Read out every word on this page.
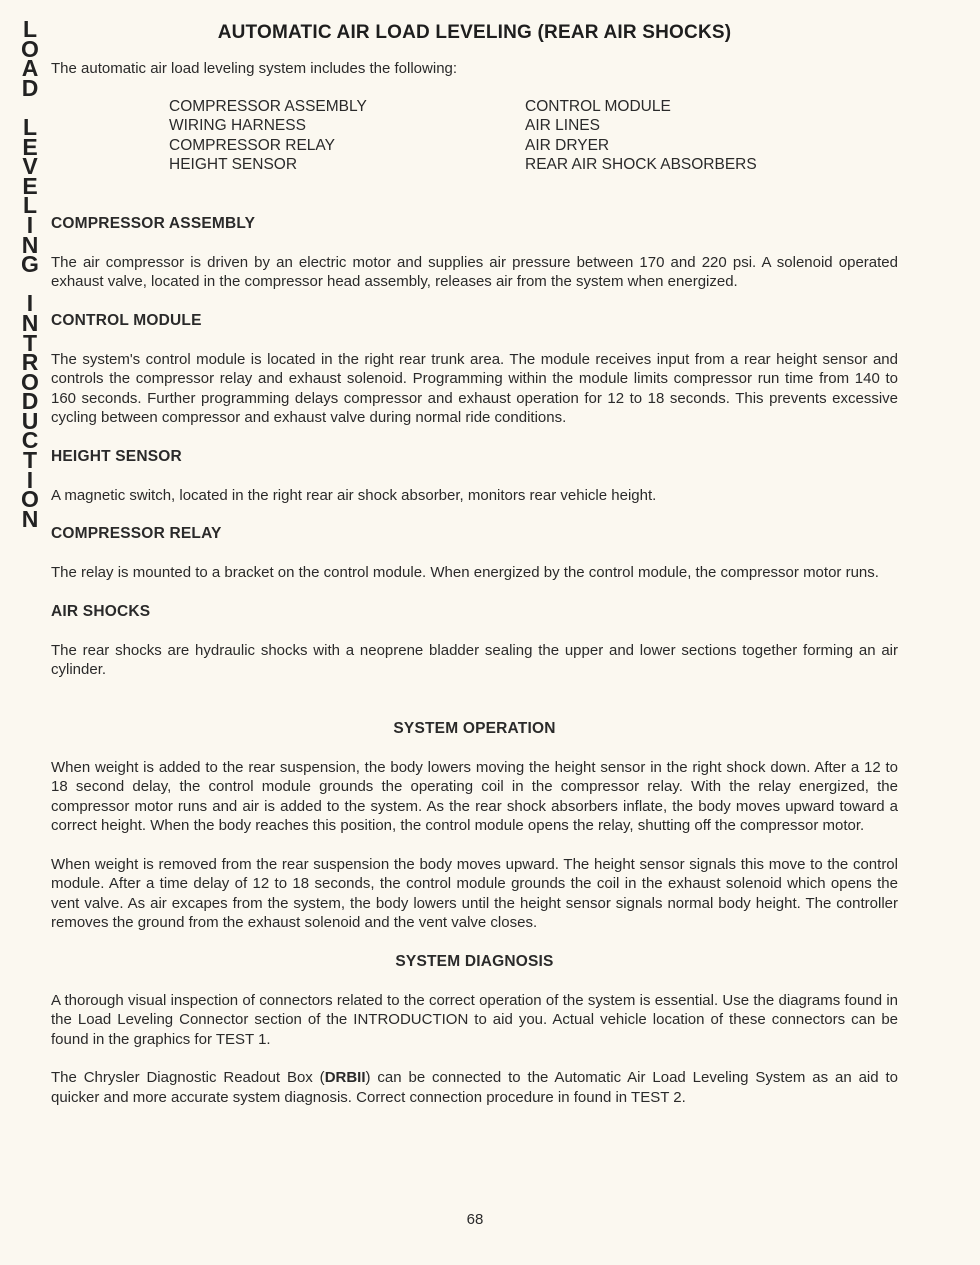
L
O
A
D

L
E
V
E
L
I
N
G

I
N
T
R
O
D
U
C
T
I
O
N
AUTOMATIC AIR LOAD LEVELING (REAR AIR SHOCKS)

The automatic air load leveling system includes the following:

COMPRESSOR ASSEMBLY
WIRING HARNESS
COMPRESSOR RELAY
HEIGHT SENSOR
CONTROL MODULE
AIR LINES
AIR DRYER
REAR AIR SHOCK ABSORBERS
COMPRESSOR ASSEMBLY

The air compressor is driven by an electric motor and supplies air pressure between 170 and 220 psi. A solenoid operated exhaust valve, located in the compressor head assembly, releases air from the system when energized.

CONTROL MODULE

The system's control module is located in the right rear trunk area. The module receives input from a rear height sensor and controls the compressor relay and exhaust solenoid. Programming within the module limits compressor run time from 140 to 160 seconds. Further programming delays compressor and exhaust operation for 12 to 18 seconds. This prevents excessive cycling between compressor and exhaust valve during normal ride conditions.

HEIGHT SENSOR

A magnetic switch, located in the right rear air shock absorber, monitors rear vehicle height.

COMPRESSOR RELAY

The relay is mounted to a bracket on the control module. When energized by the control module, the compressor motor runs.

AIR SHOCKS

The rear shocks are hydraulic shocks with a neoprene bladder sealing the upper and lower sections together forming an air cylinder.

SYSTEM OPERATION

When weight is added to the rear suspension, the body lowers moving the height sensor in the right shock down. After a 12 to 18 second delay, the control module grounds the operating coil in the compressor relay. With the relay energized, the compressor motor runs and air is added to the system. As the rear shock absorbers inflate, the body moves upward toward a correct height. When the body reaches this position, the control module opens the relay, shutting off the compressor motor.

When weight is removed from the rear suspension the body moves upward. The height sensor signals this move to the control module. After a time delay of 12 to 18 seconds, the control module grounds the coil in the exhaust solenoid which opens the vent valve. As air excapes from the system, the body lowers until the height sensor signals normal body height. The controller removes the ground from the exhaust solenoid and the vent valve closes.

SYSTEM DIAGNOSIS

A thorough visual inspection of connectors related to the correct operation of the system is essential. Use the diagrams found in the Load Leveling Connector section of the INTRODUCTION to aid you. Actual vehicle location of these connectors can be found in the graphics for TEST 1.

The Chrysler Diagnostic Readout Box (DRBII) can be connected to the Automatic Air Load Leveling System as an aid to quicker and more accurate system diagnosis. Correct connection procedure in found in TEST 2.

68
